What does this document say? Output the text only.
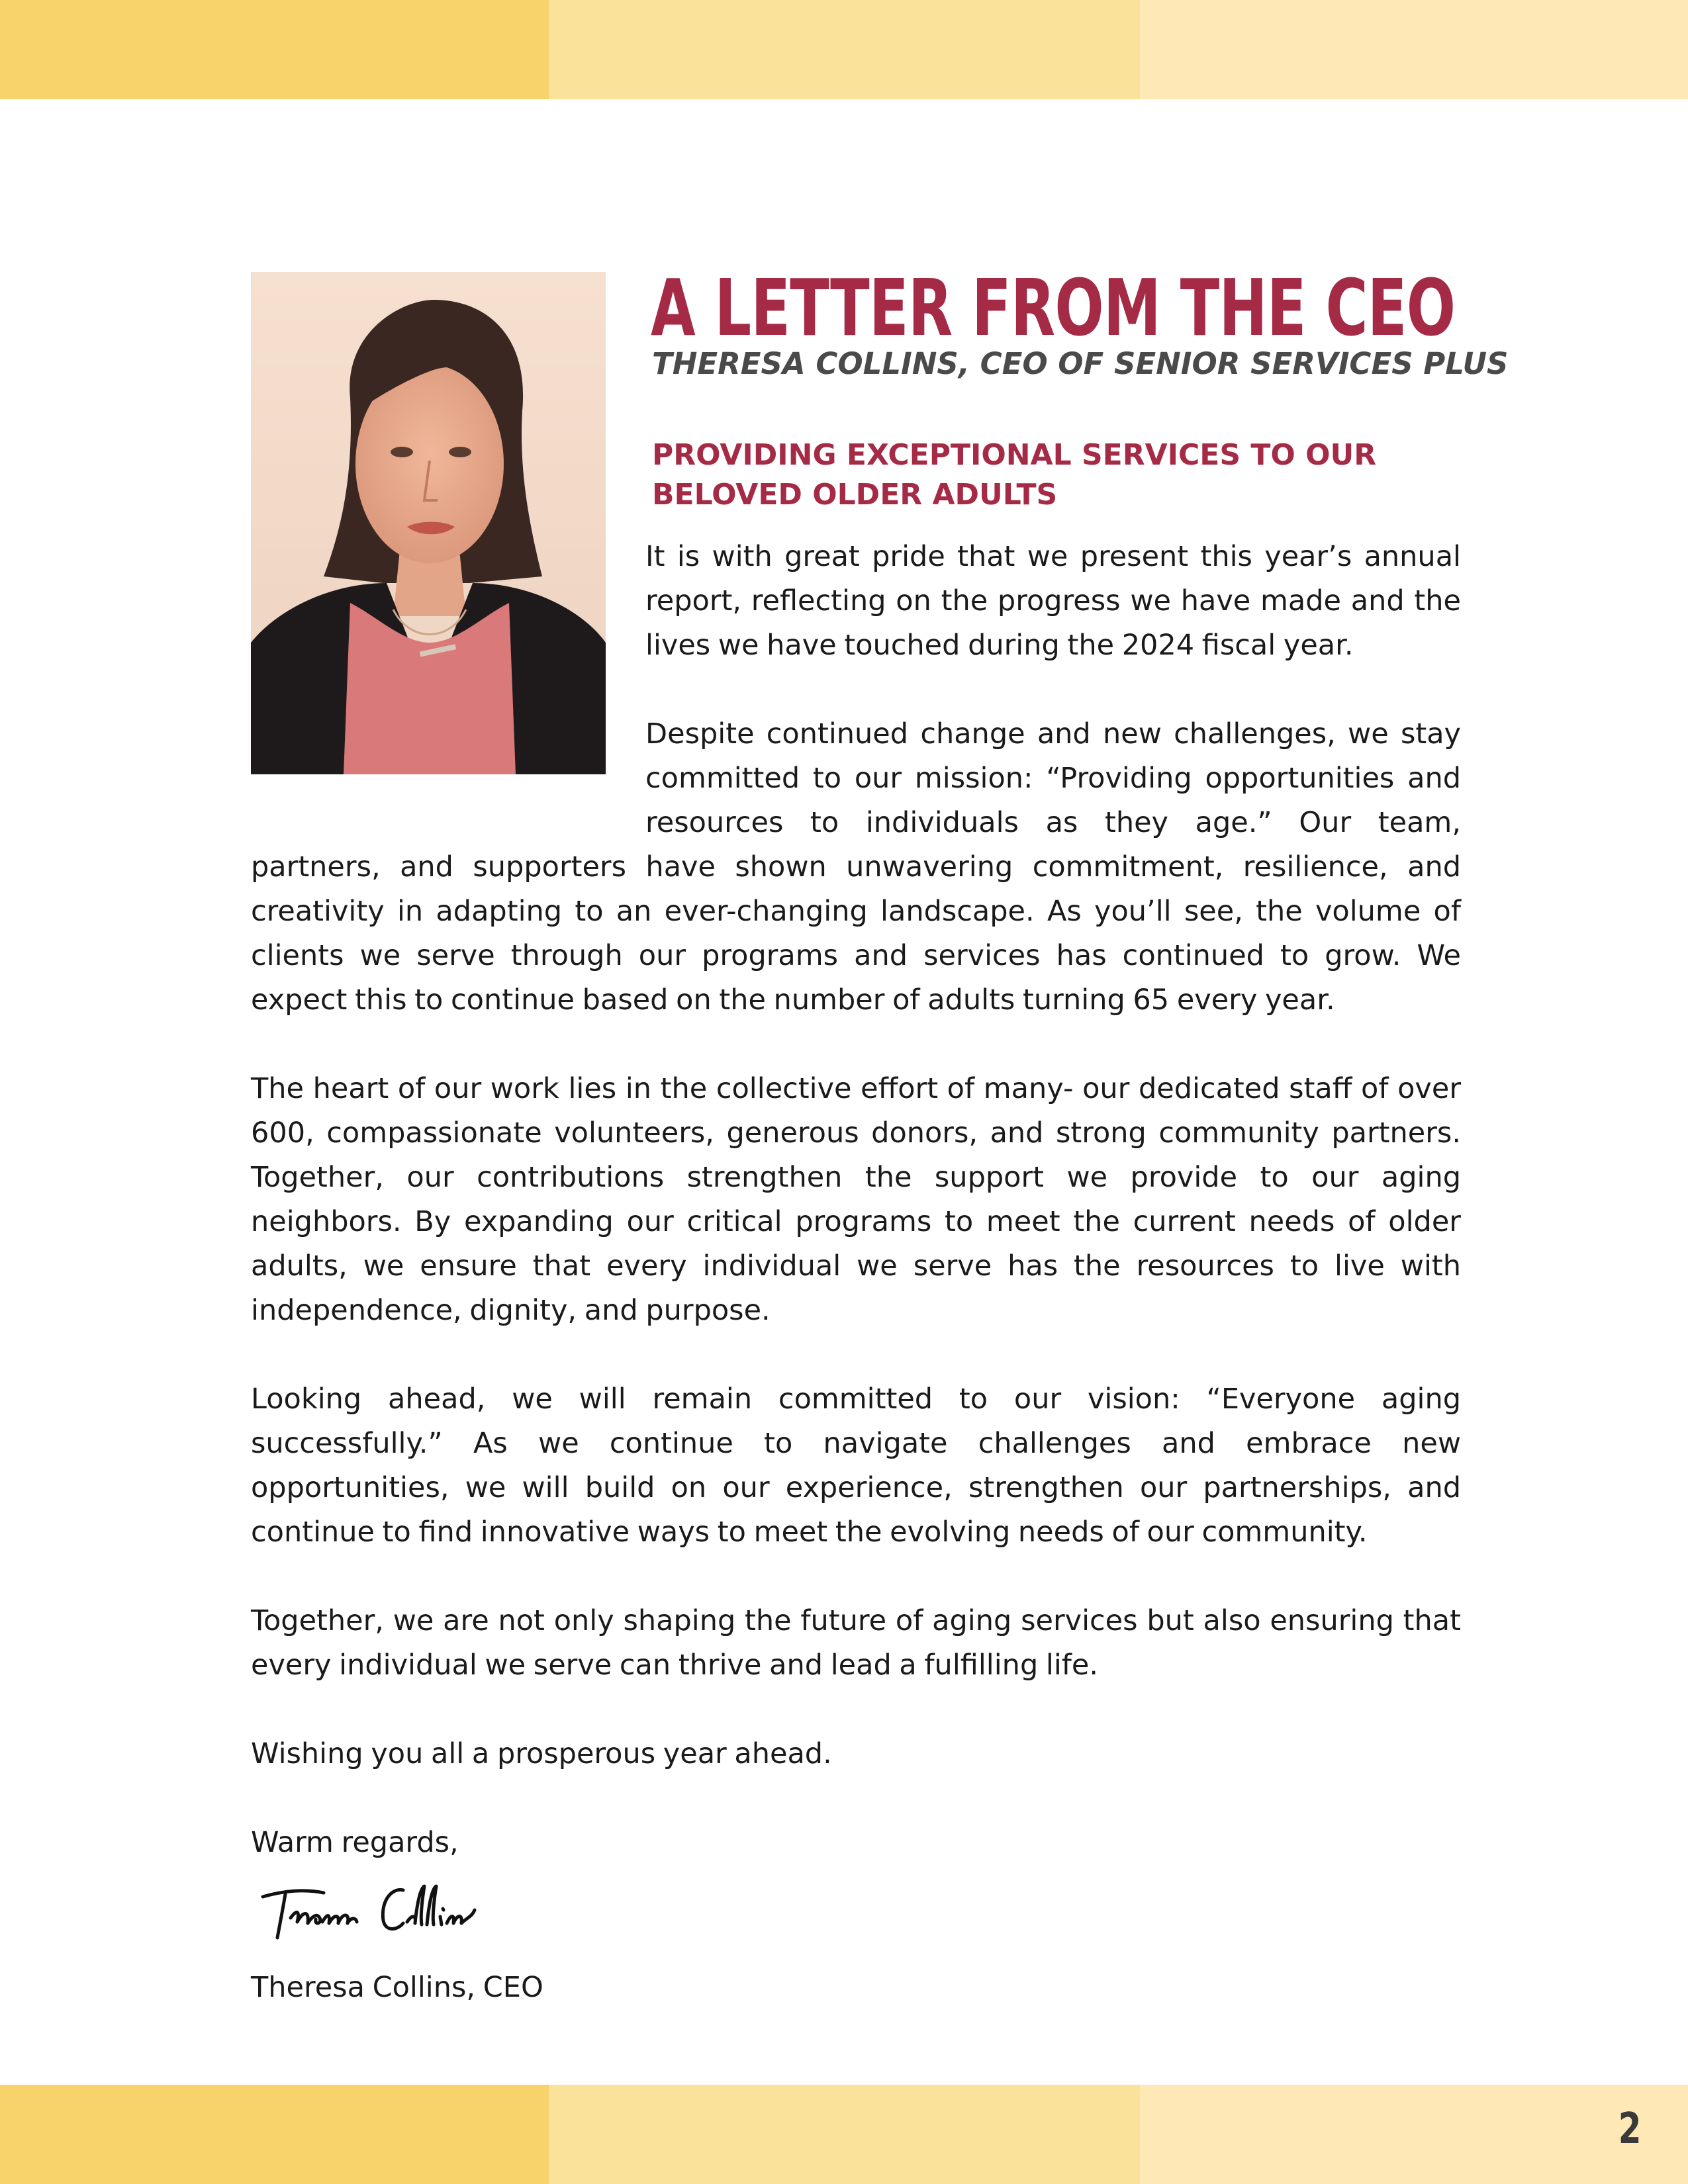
A LETTER FROM THE CEO
THERESA COLLINS, CEO OF SENIOR SERVICES PLUS
PROVIDING EXCEPTIONAL SERVICES TO OUR BELOVED OLDER ADULTS

It is with great pride that we present this year’s annual report, reflecting on the progress we have made and the lives we have touched during the 2024 fiscal year.

Despite continued change and new challenges, we stay committed to our mission: “Providing opportunities and resources to individuals as they age.” Our team, partners, and supporters have shown unwavering commitment, resilience, and creativity in adapting to an ever-changing landscape. As you’ll see, the volume of clients we serve through our programs and services has continued to grow. We expect this to continue based on the number of adults turning 65 every year.

The heart of our work lies in the collective effort of many- our dedicated staff of over 600, compassionate volunteers, generous donors, and strong community partners. Together, our contributions strengthen the support we provide to our aging neighbors. By expanding our critical programs to meet the current needs of older adults, we ensure that every individual we serve has the resources to live with independence, dignity, and purpose.

Looking ahead, we will remain committed to our vision: “Everyone aging successfully.” As we continue to navigate challenges and embrace new opportunities, we will build on our experience, strengthen our partnerships, and continue to find innovative ways to meet the evolving needs of our community.

Together, we are not only shaping the future of aging services but also ensuring that every individual we serve can thrive and lead a fulfilling life.

Wishing you all a prosperous year ahead.

Warm regards,

Theresa Collins, CEO

2
